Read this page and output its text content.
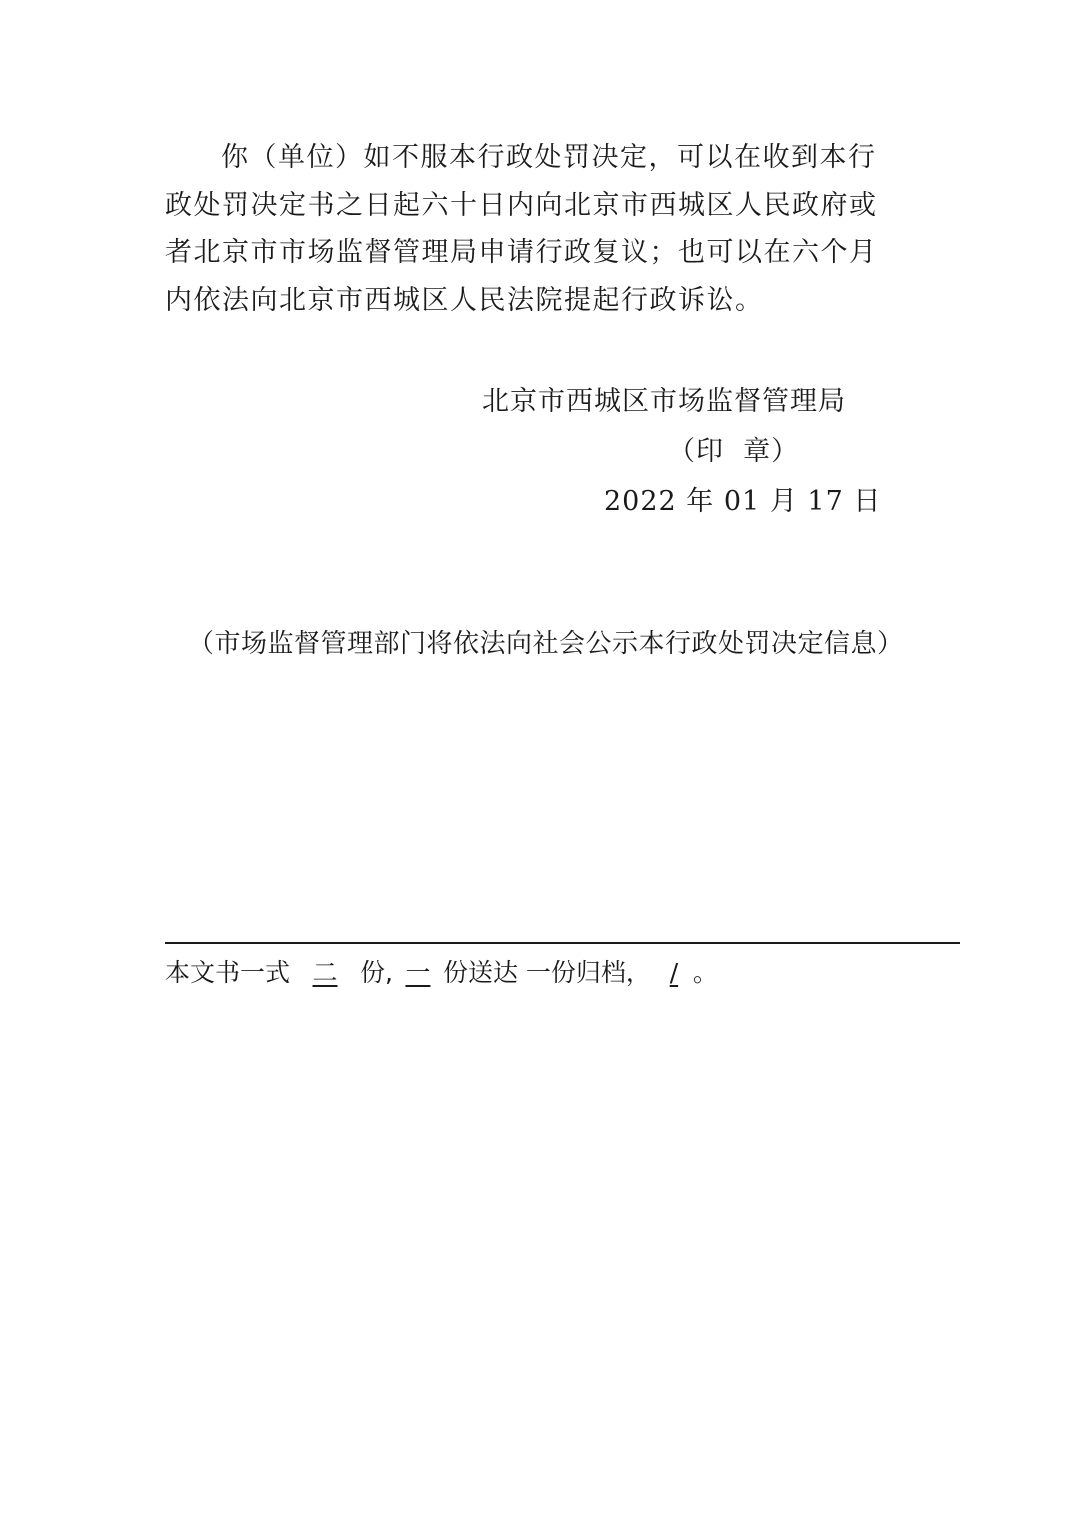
你（单位）如不服本行政处罚决定，可以在收到本行
政处罚决定书之日起六十日内向北京市西城区人民政府或
者北京市市场监督管理局申请行政复议；也可以在六个月
内依法向北京市西城区人民法院提起行政诉讼。
北京市西城区市场监督管理局
（印  章）
2022 年 01 月 17 日
（市场监督管理部门将依法向社会公示本行政处罚决定信息）
本文书一式 二 份, 一 份送达 一份归档， / 。
